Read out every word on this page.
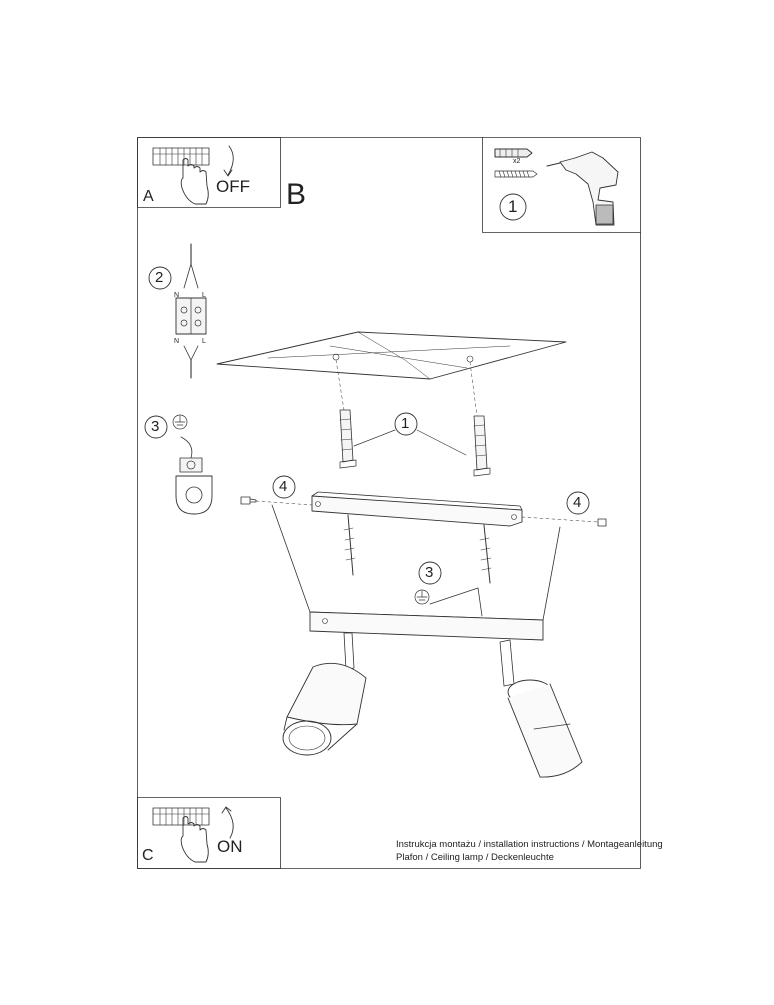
A
OFF B
C	ON
1
x2
2
N	L
N	L
3	1
4
4
3
Instrukcja montażu / installation instructions / Montageanleitung
Plafon / Ceiling lamp / Deckenleuchte
